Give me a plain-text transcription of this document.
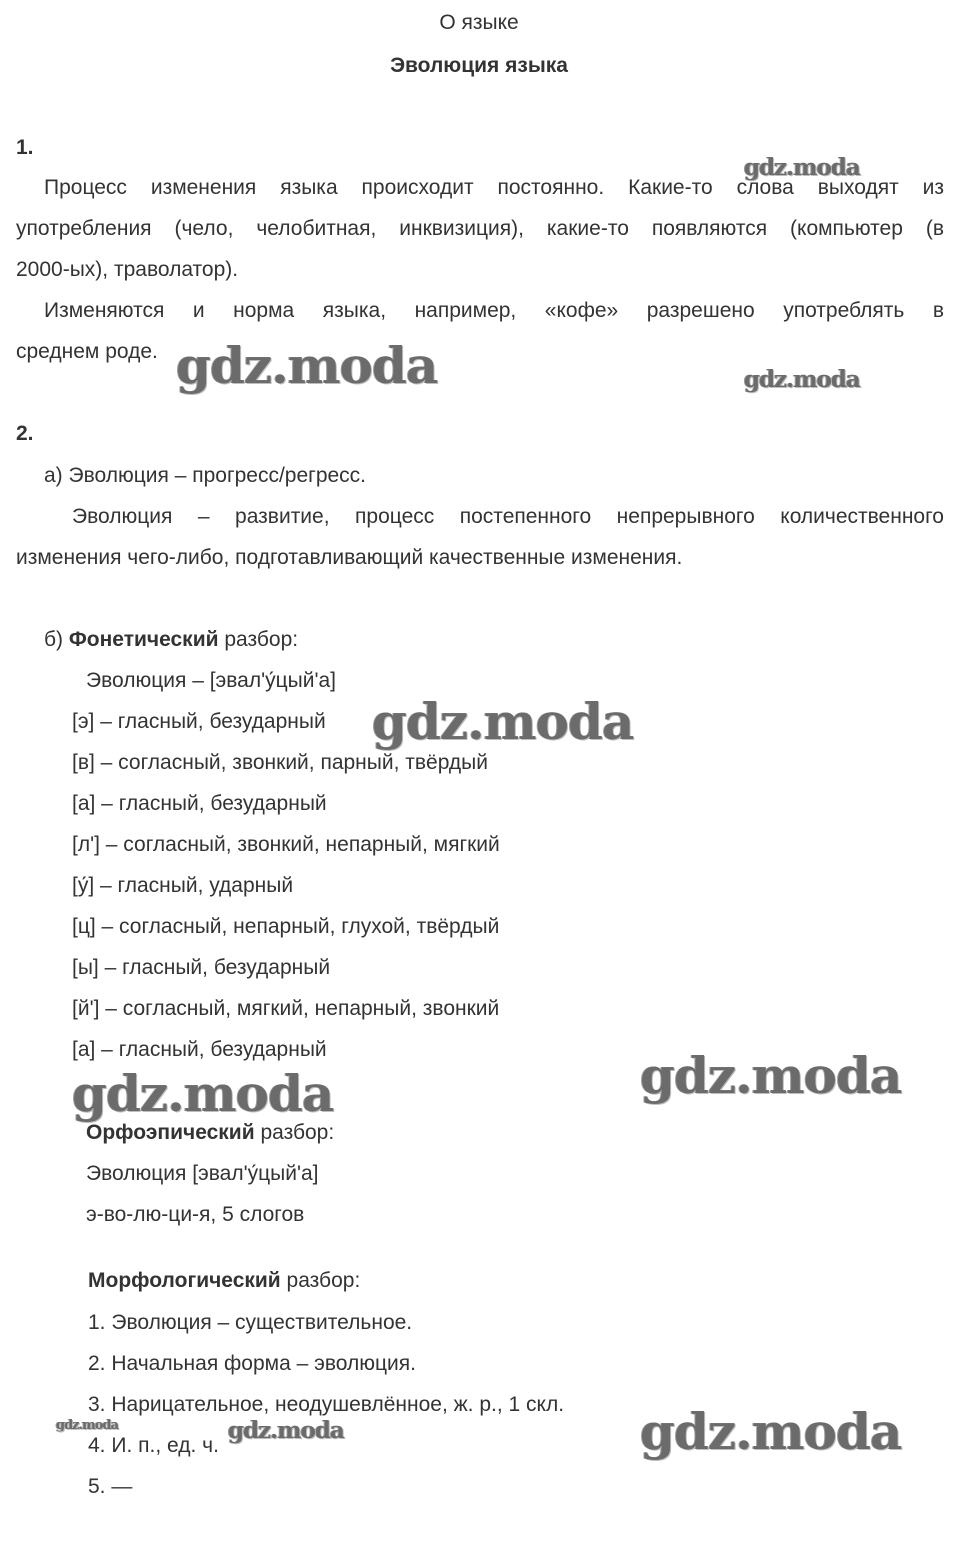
О языке
Эволюция языка
1.
Процесс изменения языка происходит постоянно. Какие-то слова выходят из
употребления (чело, челобитная, инквизиция), какие-то появляются (компьютер (в
2000-ых), траволатор).
Изменяются и норма языка, например, «кофе» разрешено употреблять в
среднем роде.
2.
а) Эволюция – прогресс/регресс.
Эволюция – развитие, процесс постепенного непрерывного количественного
изменения чего-либо, подготавливающий качественные изменения.
б) Фонетический разбор:
Эволюция – [эвал'у́цый'а]
[э] – гласный, безударный
[в] – согласный, звонкий, парный, твёрдый
[а] – гласный, безударный
[л'] – согласный, звонкий, непарный, мягкий
[у́] – гласный, ударный
[ц] – согласный, непарный, глухой, твёрдый
[ы] – гласный, безударный
[й'] – согласный, мягкий, непарный, звонкий
[а] – гласный, безударный
Орфоэпический разбор:
Эволюция [эвал'у́цый'а]
э-во-лю-ци-я, 5 слогов
Морфологический разбор:
1. Эволюция – существительное.
2. Начальная форма – эволюция.
3. Нарицательное, неодушевлённое, ж. р., 1 скл.
4. И. п., ед. ч.
5. —
gdz.moda
gdz.moda	gdz.moda
gdz.moda
gdz.moda
gdz.moda
gdz.moda
gdz.moda	gdz.moda
